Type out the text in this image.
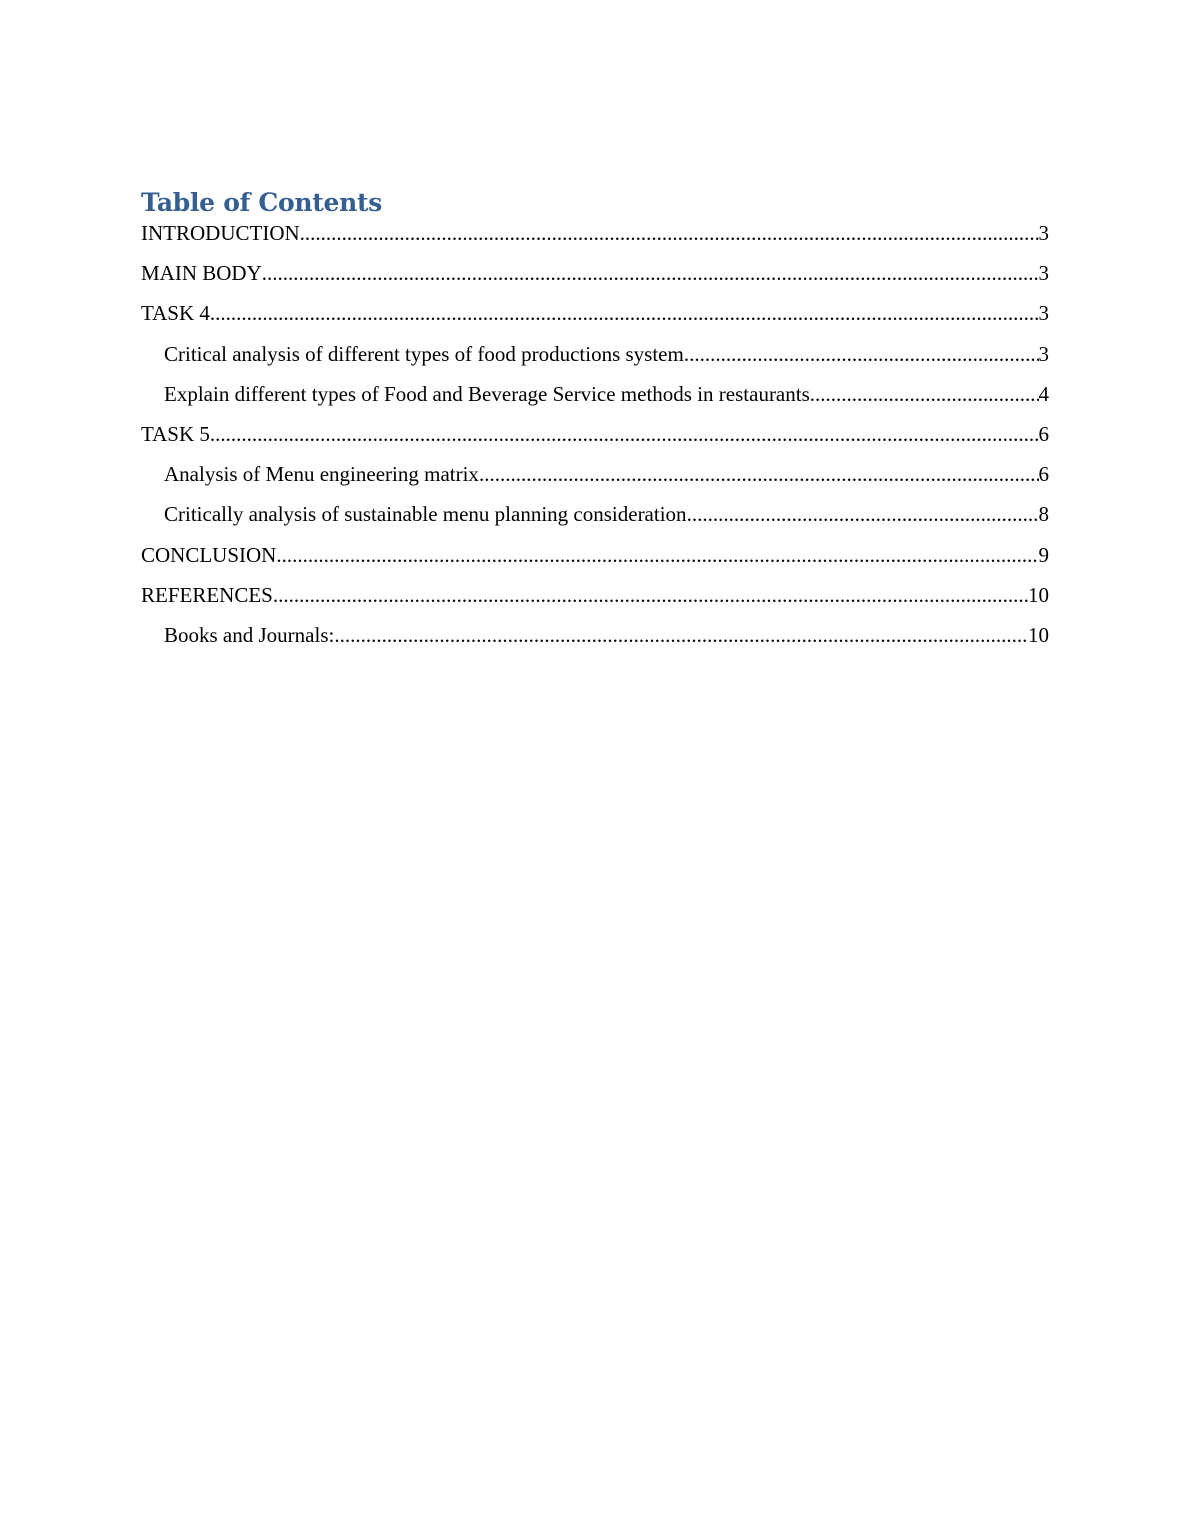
Table of Contents
INTRODUCTION .....	3
MAIN BODY .....	3
TASK 4 .....	3
Critical analysis of different types of food productions system .....	3
Explain different types of Food and Beverage Service methods in restaurants .....	4
TASK 5 .....	6
Analysis of Menu engineering matrix .....	6
Critically analysis of sustainable menu planning consideration .....	8
CONCLUSION .....	9
REFERENCES .....	10
Books and Journals: .....	10
